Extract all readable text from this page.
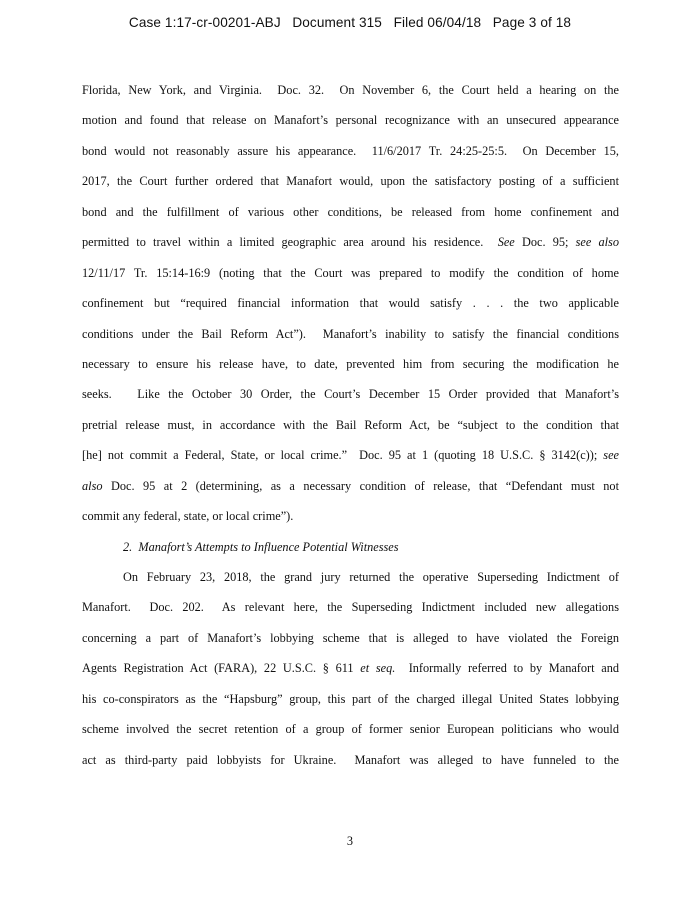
Case 1:17-cr-00201-ABJ   Document 315   Filed 06/04/18   Page 3 of 18
Florida, New York, and Virginia.  Doc. 32.  On November 6, the Court held a hearing on the
motion and found that release on Manafort’s personal recognizance with an unsecured appearance
bond would not reasonably assure his appearance.  11/6/2017 Tr. 24:25-25:5.  On December 15,
2017, the Court further ordered that Manafort would, upon the satisfactory posting of a sufficient
bond and the fulfillment of various other conditions, be released from home confinement and
permitted to travel within a limited geographic area around his residence.  See Doc. 95; see also
12/11/17 Tr. 15:14-16:9 (noting that the Court was prepared to modify the condition of home
confinement but “required financial information that would satisfy . . . the two applicable
conditions under the Bail Reform Act”).  Manafort’s inability to satisfy the financial conditions
necessary to ensure his release have, to date, prevented him from securing the modification he
seeks.   Like the October 30 Order, the Court’s December 15 Order provided that Manafort’s
pretrial release must, in accordance with the Bail Reform Act, be “subject to the condition that
[he] not commit a Federal, State, or local crime.”  Doc. 95 at 1 (quoting 18 U.S.C. § 3142(c)); see
also Doc. 95 at 2 (determining, as a necessary condition of release, that “Defendant must not
commit any federal, state, or local crime”).
2. Manafort’s Attempts to Influence Potential Witnesses
On February 23, 2018, the grand jury returned the operative Superseding Indictment of
Manafort.  Doc. 202.  As relevant here, the Superseding Indictment included new allegations
concerning a part of Manafort’s lobbying scheme that is alleged to have violated the Foreign
Agents Registration Act (FARA), 22 U.S.C. § 611 et seq.  Informally referred to by Manafort and
his co-conspirators as the “Hapsburg” group, this part of the charged illegal United States lobbying
scheme involved the secret retention of a group of former senior European politicians who would
act as third-party paid lobbyists for Ukraine.  Manafort was alleged to have funneled to the
3
